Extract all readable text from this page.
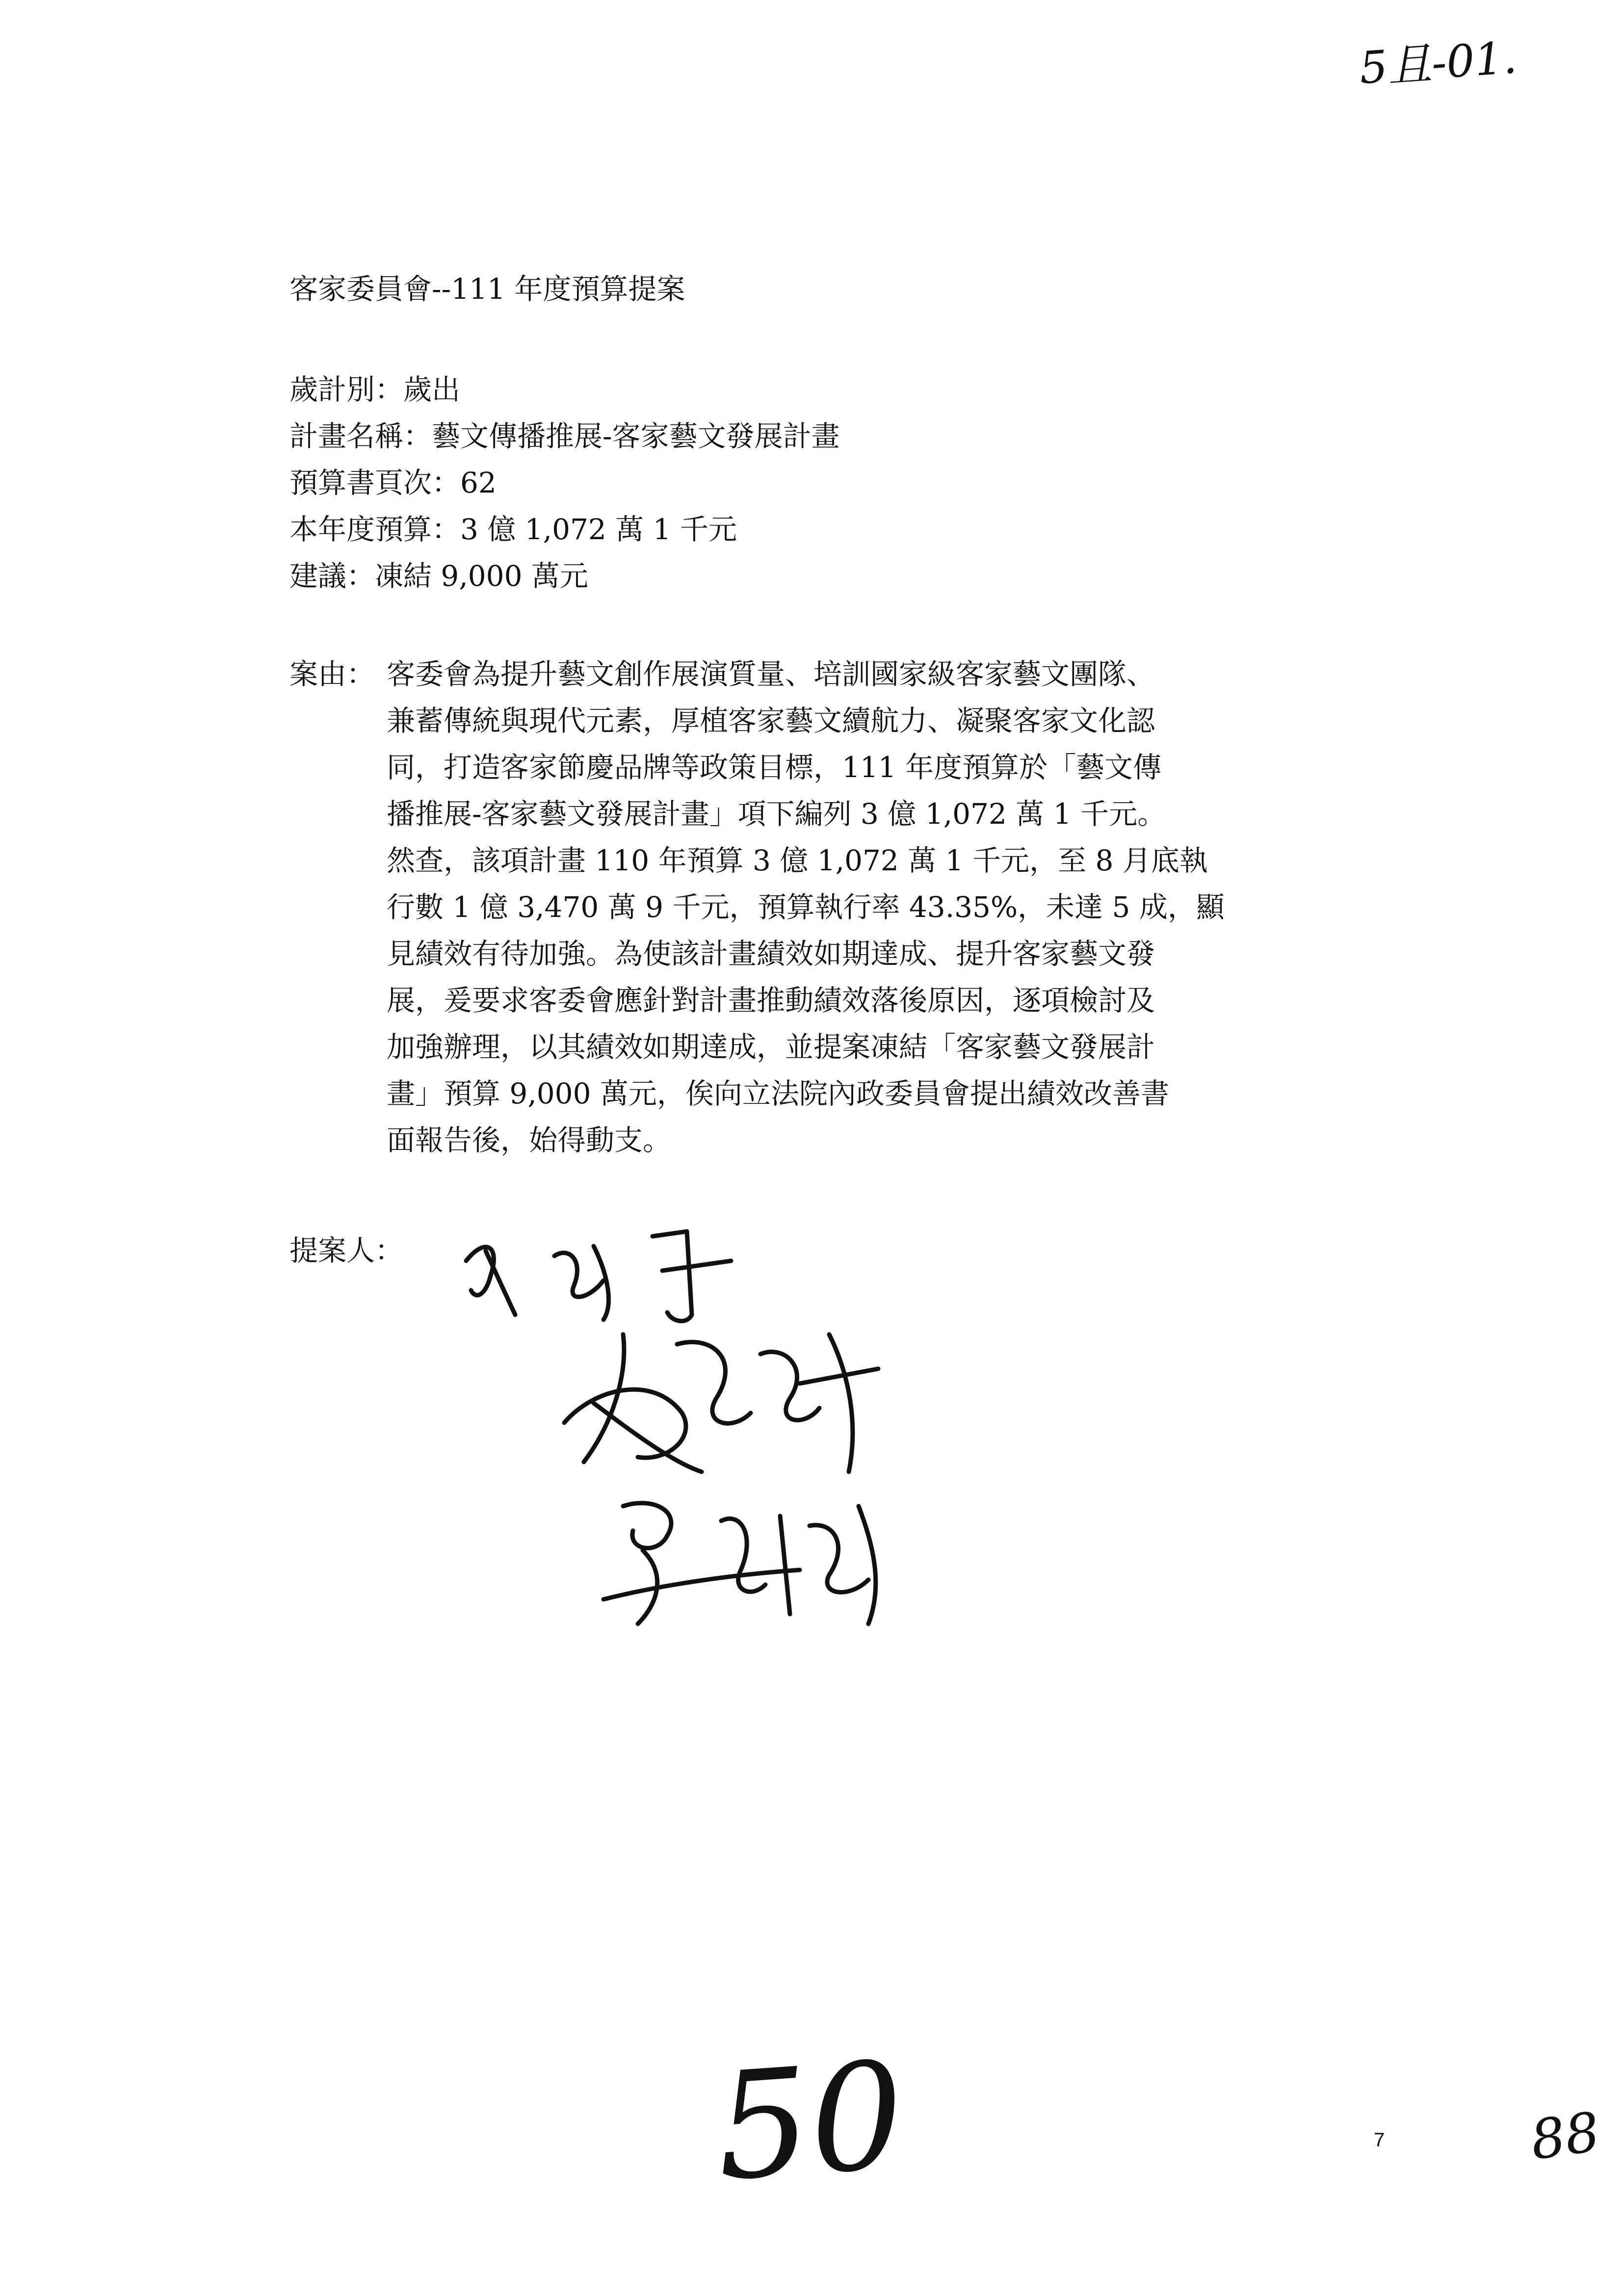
5且-01.
客家委員會--111 年度預算提案
歲計別：歲出
計畫名稱：藝文傳播推展-客家藝文發展計畫
預算書頁次：62
本年度預算：3 億 1,072 萬 1 千元
建議：凍結 9,000 萬元
案由： 客委會為提升藝文創作展演質量、培訓國家級客家藝文團隊、
兼蓄傳統與現代元素，厚植客家藝文續航力、凝聚客家文化認
同，打造客家節慶品牌等政策目標，111 年度預算於「藝文傳
播推展-客家藝文發展計畫」項下編列 3 億 1,072 萬 1 千元。
然查，該項計畫 110 年預算 3 億 1,072 萬 1 千元，至 8 月底執
行數 1 億 3,470 萬 9 千元，預算執行率 43.35%，未達 5 成，顯
見績效有待加強。為使該計畫績效如期達成、提升客家藝文發
展，爰要求客委會應針對計畫推動績效落後原因，逐項檢討及
加強辦理，以其績效如期達成，並提案凍結「客家藝文發展計
畫」預算 9,000 萬元，俟向立法院內政委員會提出績效改善書
面報告後，始得動支。
提案人：
50	7	88
